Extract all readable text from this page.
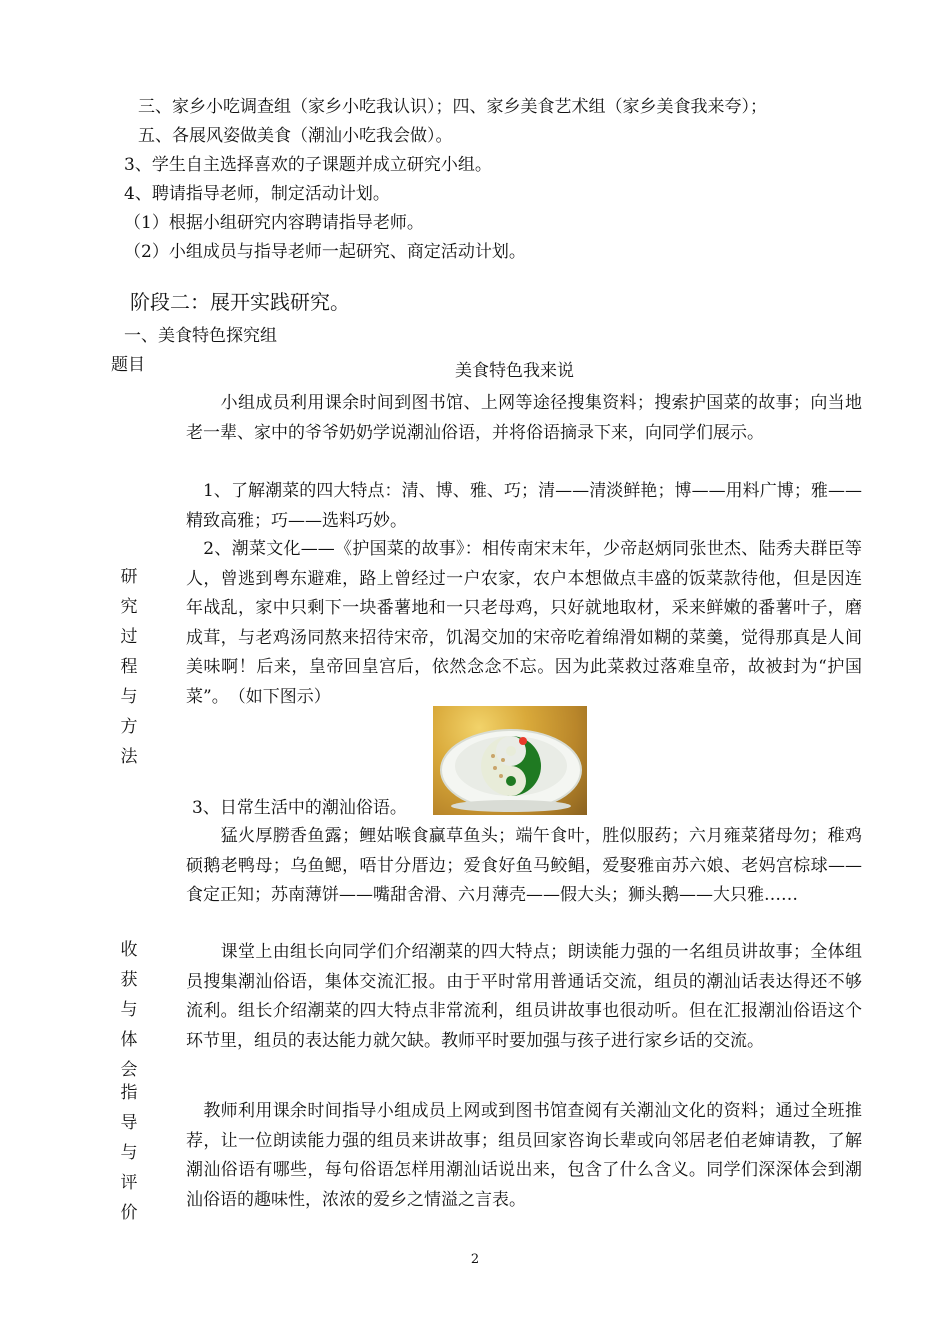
三、家乡小吃调查组（家乡小吃我认识）；四、家乡美食艺术组（家乡美食我来夸）；
五、各展风姿做美食（潮汕小吃我会做）。
3、学生自主选择喜欢的子课题并成立研究小组。
4、聘请指导老师，制定活动计划。
（1）根据小组研究内容聘请指导老师。
（2）小组成员与指导老师一起研究、商定活动计划。
阶段二：展开实践研究。
一、美食特色探究组
题目	美食特色我来说
研
究
过
程
与
方
法
　　小组成员利用课余时间到图书馆、上网等途径搜集资料；搜索护国菜的故事；向当地老一辈、家中的爷爷奶奶学说潮汕俗语，并将俗语摘录下来，向同学们展示。
　1、了解潮菜的四大特点：清、博、雅、巧；清——清淡鲜艳；博——用料广博；雅——精致高雅；巧——选料巧妙。
　2、潮菜文化——《护国菜的故事》：相传南宋末年，少帝赵炳同张世杰、陆秀夫群臣等人，曾逃到粤东避难，路上曾经过一户农家，农户本想做点丰盛的饭菜款待他，但是因连年战乱，家中只剩下一块番薯地和一只老母鸡，只好就地取材，采来鲜嫩的番薯叶子，磨成茸，与老鸡汤同熬来招待宋帝，饥渴交加的宋帝吃着绵滑如糊的菜羹，觉得那真是人间美味啊！后来，皇帝回皇宫后，依然念念不忘。因为此菜救过落难皇帝，故被封为“护国菜”。　（如下图示）
3、日常生活中的潮汕俗语。
　　猛火厚朥香鱼露；鲤姑喉食赢草鱼头；端午食叶，胜似服药；六月雍菜猪母勿；稚鸡硕鹅老鸭母；乌鱼鳃，唔甘分厝边；爱食好鱼马鲛鲳，爱娶雅亩苏六娘、老妈宫棕球——食定正知；苏南薄饼——嘴甜舍滑、六月薄壳——假大头；狮头鹅——大只雅……
收
获
与
体
会
　　课堂上由组长向同学们介绍潮菜的四大特点；朗读能力强的一名组员讲故事；全体组员搜集潮汕俗语，集体交流汇报。由于平时常用普通话交流，组员的潮汕话表达得还不够流利。组长介绍潮菜的四大特点非常流利，组员讲故事也很动听。但在汇报潮汕俗语这个环节里，组员的表达能力就欠缺。教师平时要加强与孩子进行家乡话的交流。
指
导
与
评
价
　教师利用课余时间指导小组成员上网或到图书馆查阅有关潮汕文化的资料；通过全班推荐，让一位朗读能力强的组员来讲故事；组员回家咨询长辈或向邻居老伯老婶请教，了解潮汕俗语有哪些，每句俗语怎样用潮汕话说出来，包含了什么含义。同学们深深体会到潮汕俗语的趣味性，浓浓的爱乡之情溢之言表。
2
